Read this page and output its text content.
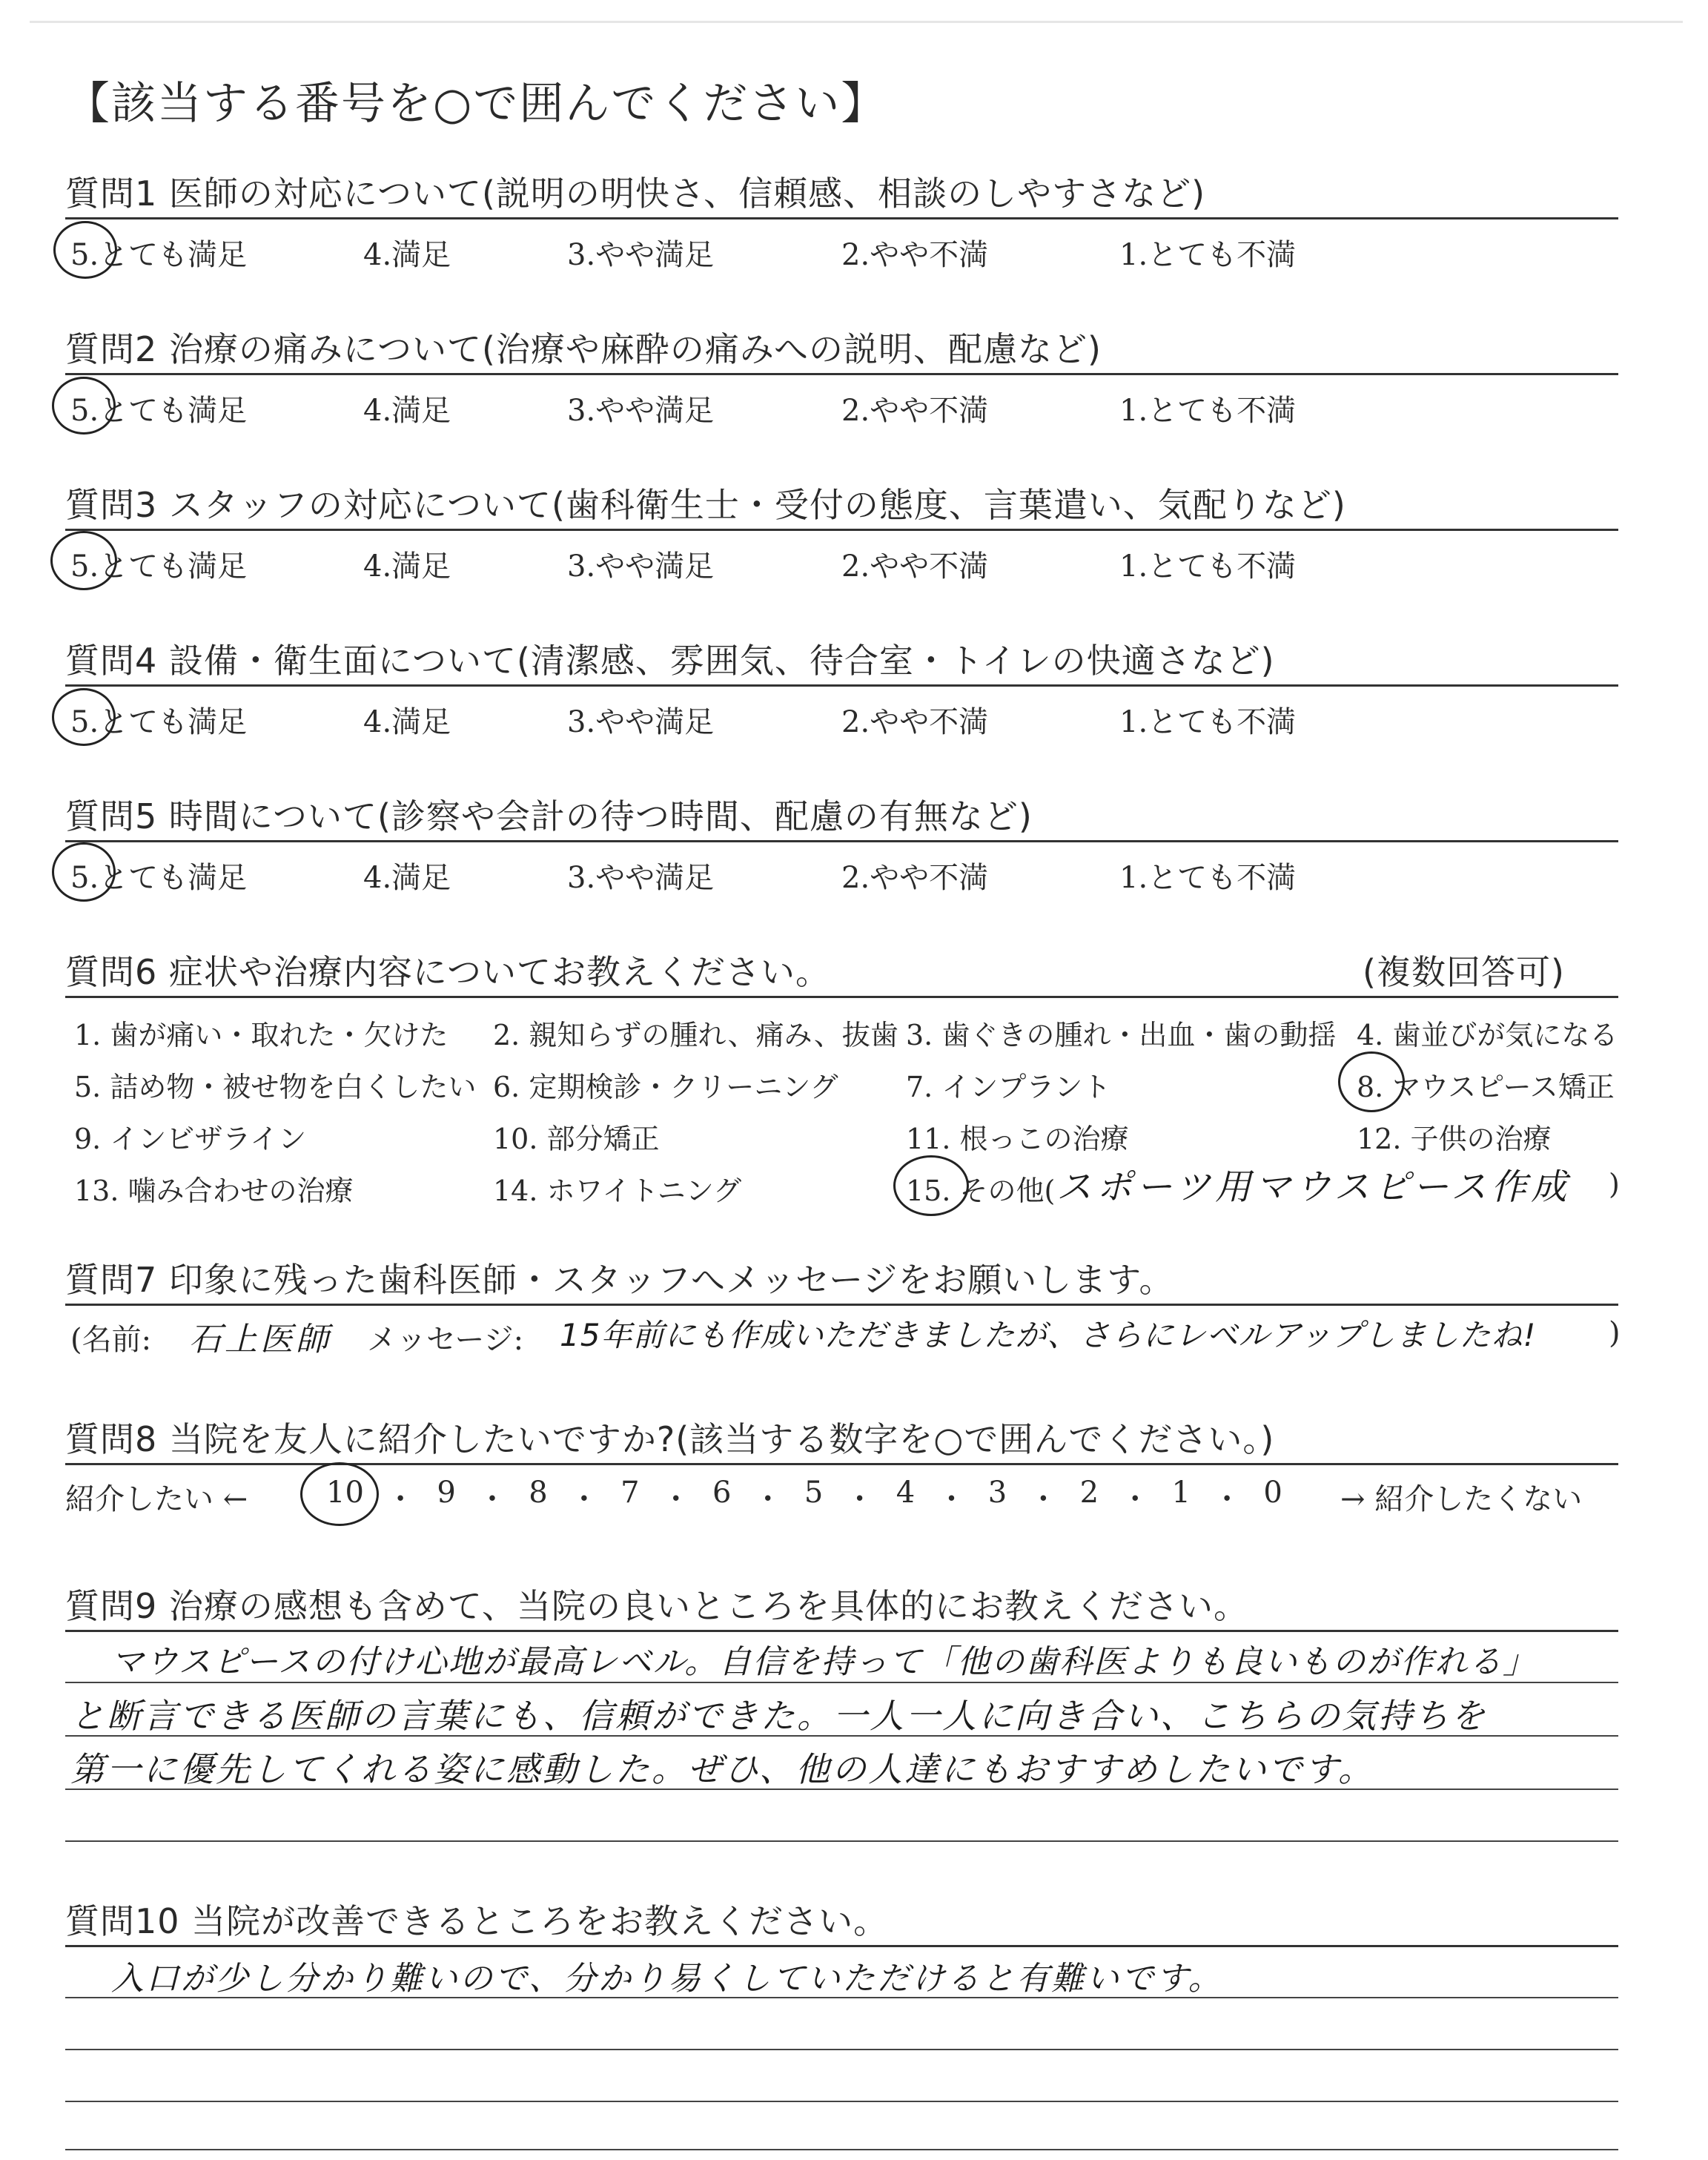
【該当する番号を○で囲んでください】
質問1 医師の対応について(説明の明快さ、信頼感、相談のしやすさなど)
5.とても満足	4.満足	3.やや満足	2.やや不満	1.とても不満
質問2 治療の痛みについて(治療や麻酔の痛みへの説明、配慮など)
5.とても満足	4.満足	3.やや満足	2.やや不満	1.とても不満
質問3 スタッフの対応について(歯科衛生士・受付の態度、言葉遣い、気配りなど)
5.とても満足	4.満足	3.やや満足	2.やや不満	1.とても不満
質問4 設備・衛生面について(清潔感、雰囲気、待合室・トイレの快適さなど)
5.とても満足	4.満足	3.やや満足	2.やや不満	1.とても不満
質問5 時間について(診察や会計の待つ時間、配慮の有無など)
5.とても満足	4.満足	3.やや満足	2.やや不満	1.とても不満
質問6 症状や治療内容についてお教えください。	(複数回答可)
1. 歯が痛い・取れた・欠けた 2. 親知らずの腫れ、痛み、抜歯 3. 歯ぐきの腫れ・出血・歯の動揺 4. 歯並びが気になる
5. 詰め物・被せ物を白くしたい 6. 定期検診・クリーニング 7. インプラント	8. マウスピース矯正
9. インビザライン	10. 部分矯正	11. 根っこの治療	12. 子供の治療
13. 噛み合わせの治療	14. ホワイトニング	15. その他( スポーツ用マウスピース作成 )
質問7 印象に残った歯科医師・スタッフへメッセージをお願いします。
(名前: 石上医師 メッセージ: 15年前にも作成いただきましたが、さらにレベルアップしましたね! )
質問8 当院を友人に紹介したいですか?(該当する数字を○で囲んでください。)
紹介したい ←	10 ・ 9 ・ 8 ・ 7 ・ 6 ・ 5 ・ 4 ・ 3 ・ 2 ・ 1 ・ 0 → 紹介したくない
質問9 治療の感想も含めて、当院の良いところを具体的にお教えください。
マウスピースの付け心地が最高レベル。自信を持って「他の歯科医よりも良いものが作れる」
と断言できる医師の言葉にも、信頼ができた。一人一人に向き合い、こちらの気持ちを
第一に優先してくれる姿に感動した。ぜひ、他の人達にもおすすめしたいです。
質問10 当院が改善できるところをお教えください。
入口が少し分かり難いので、分かり易くしていただけると有難いです。
